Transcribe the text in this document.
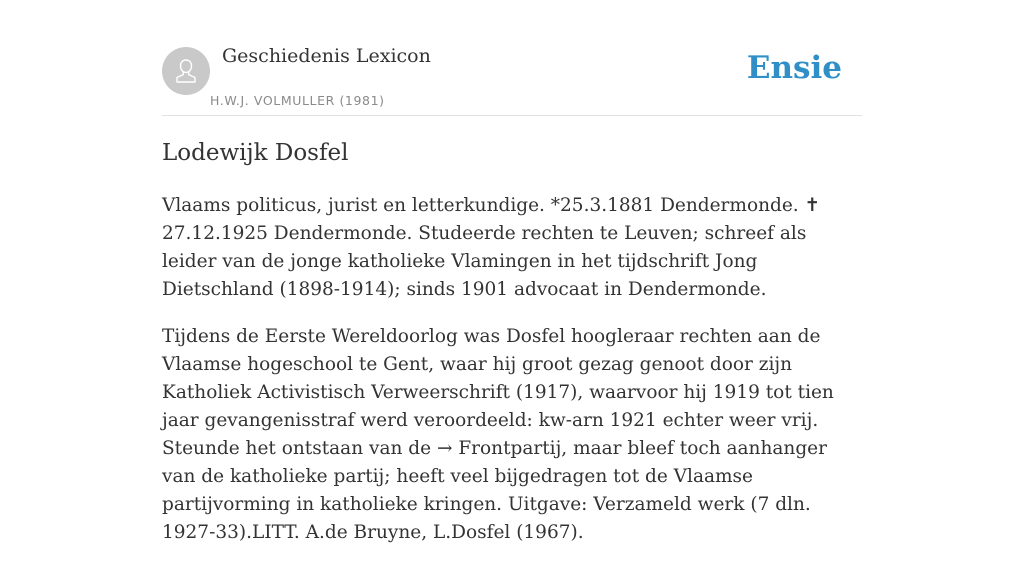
Geschiedenis Lexicon
H.W.J. VOLMULLER (1981)
Ensie
Lodewijk Dosfel

Vlaams politicus, jurist en letterkundige. *25.3.1881 Dendermonde. ✝ 27.12.1925 Dendermonde. Studeerde rechten te Leuven; schreef als leider van de jonge katholieke Vlamingen in het tijdschrift Jong Dietschland (1898-1914); sinds 1901 advocaat in Dendermonde.

Tijdens de Eerste Wereldoorlog was Dosfel hoogleraar rechten aan de Vlaamse hogeschool te Gent, waar hij groot gezag genoot door zijn Katholiek Activistisch Verweerschrift (1917), waarvoor hij 1919 tot tien jaar gevangenisstraf werd veroordeeld: kw-arn 1921 echter weer vrij. Steunde het ontstaan van de → Frontpartij, maar bleef toch aanhanger van de katholieke partij; heeft veel bijgedragen tot de Vlaamse partijvorming in katholieke kringen. Uitgave: Verzameld werk (7 dln. 1927-33).LITT. A.de Bruyne, L.Dosfel (1967).
